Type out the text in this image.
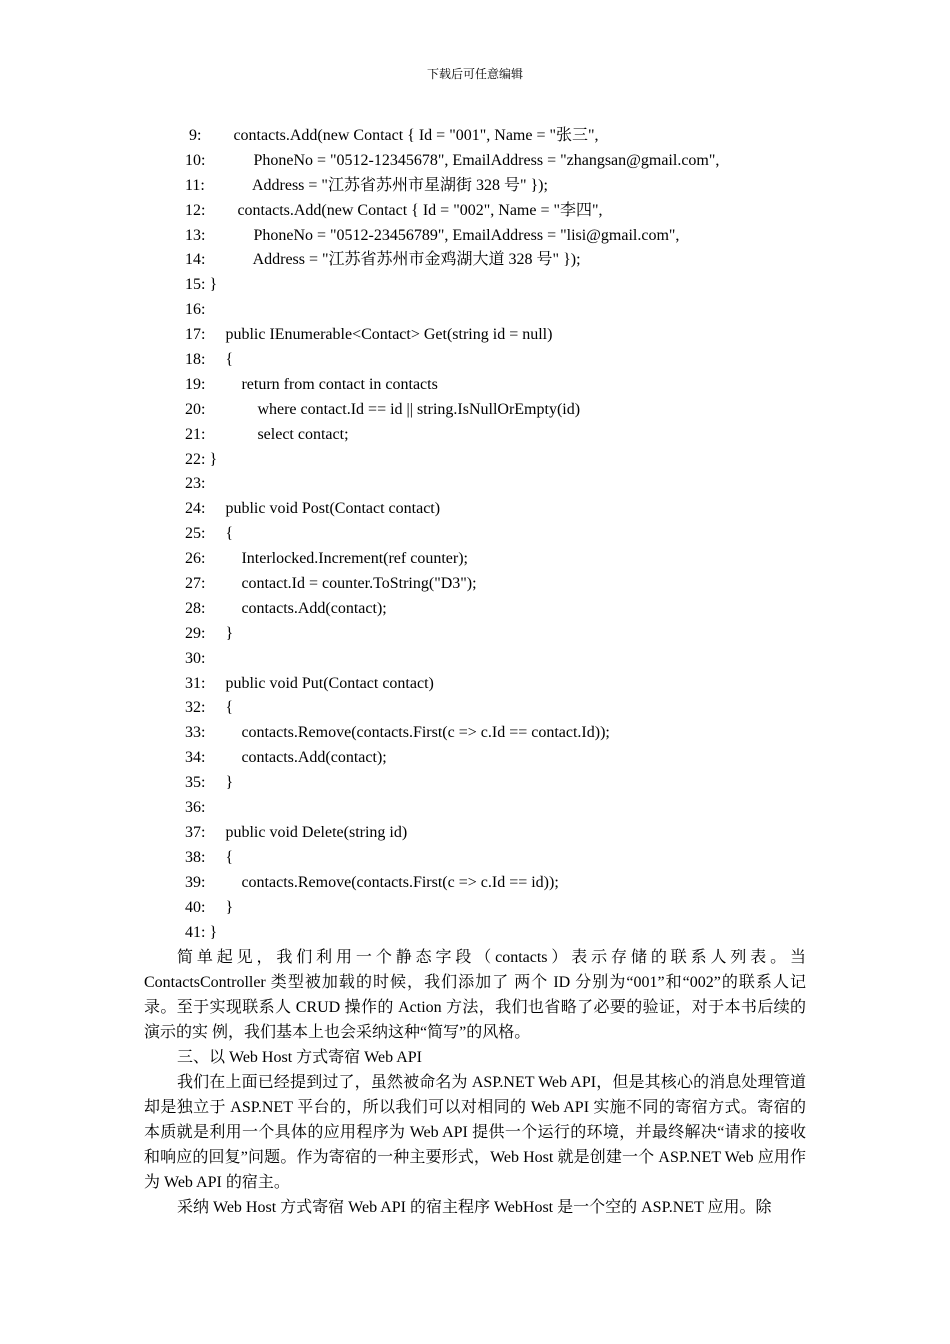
下载后可任意编辑
9:        contacts.Add(new Contact { Id = "001", Name = "张三",
10:            PhoneNo = "0512-12345678", EmailAddress = "zhangsan@gmail.com",
11:            Address = "江苏省苏州市星湖街 328 号" });
12:        contacts.Add(new Contact { Id = "002", Name = "李四",
13:            PhoneNo = "0512-23456789", EmailAddress = "lisi@gmail.com",
14:            Address = "江苏省苏州市金鸡湖大道 328 号" });
15: }
16:
17:     public IEnumerable<Contact> Get(string id = null)
18:     {
19:         return from contact in contacts
20:             where contact.Id == id || string.IsNullOrEmpty(id)
21:             select contact;
22: }
23:
24:     public void Post(Contact contact)
25:     {
26:         Interlocked.Increment(ref counter);
27:         contact.Id = counter.ToString("D3");
28:         contacts.Add(contact);
29:     }
30:
31:     public void Put(Contact contact)
32:     {
33:         contacts.Remove(contacts.First(c => c.Id == contact.Id));
34:         contacts.Add(contact);
35:     }
36:
37:     public void Delete(string id)
38:     {
39:         contacts.Remove(contacts.First(c => c.Id == id));
40:     }
41: }

简单起见，我们利用一个静态字段（contacts）表示存储的联系人列表。当 ContactsController 类型被加载的时候，我们添加了 两个 ID 分别为“001”和“002”的联系人记录。至于实现联系人 CRUD 操作的 Action 方法，我们也省略了必要的验证，对于本书后续的演示的实 例，我们基本上也会采纳这种“简写”的风格。

三、以 Web Host 方式寄宿 Web API

我们在上面已经提到过了，虽然被命名为 ASP.NET Web API，但是其核心的消息处理管道却是独立于 ASP.NET 平台的，所以我们可以对相同的 Web API 实施不同的寄宿方式。寄宿的本质就是利用一个具体的应用程序为 Web API 提供一个运行的环境，并最终解决“请求的接收和响应的回复”问题。作为寄宿的一种主要形式，Web Host 就是创建一个 ASP.NET Web 应用作为 Web API 的宿主。

采纳 Web Host 方式寄宿 Web API 的宿主程序 WebHost 是一个空的 ASP.NET 应用。除
